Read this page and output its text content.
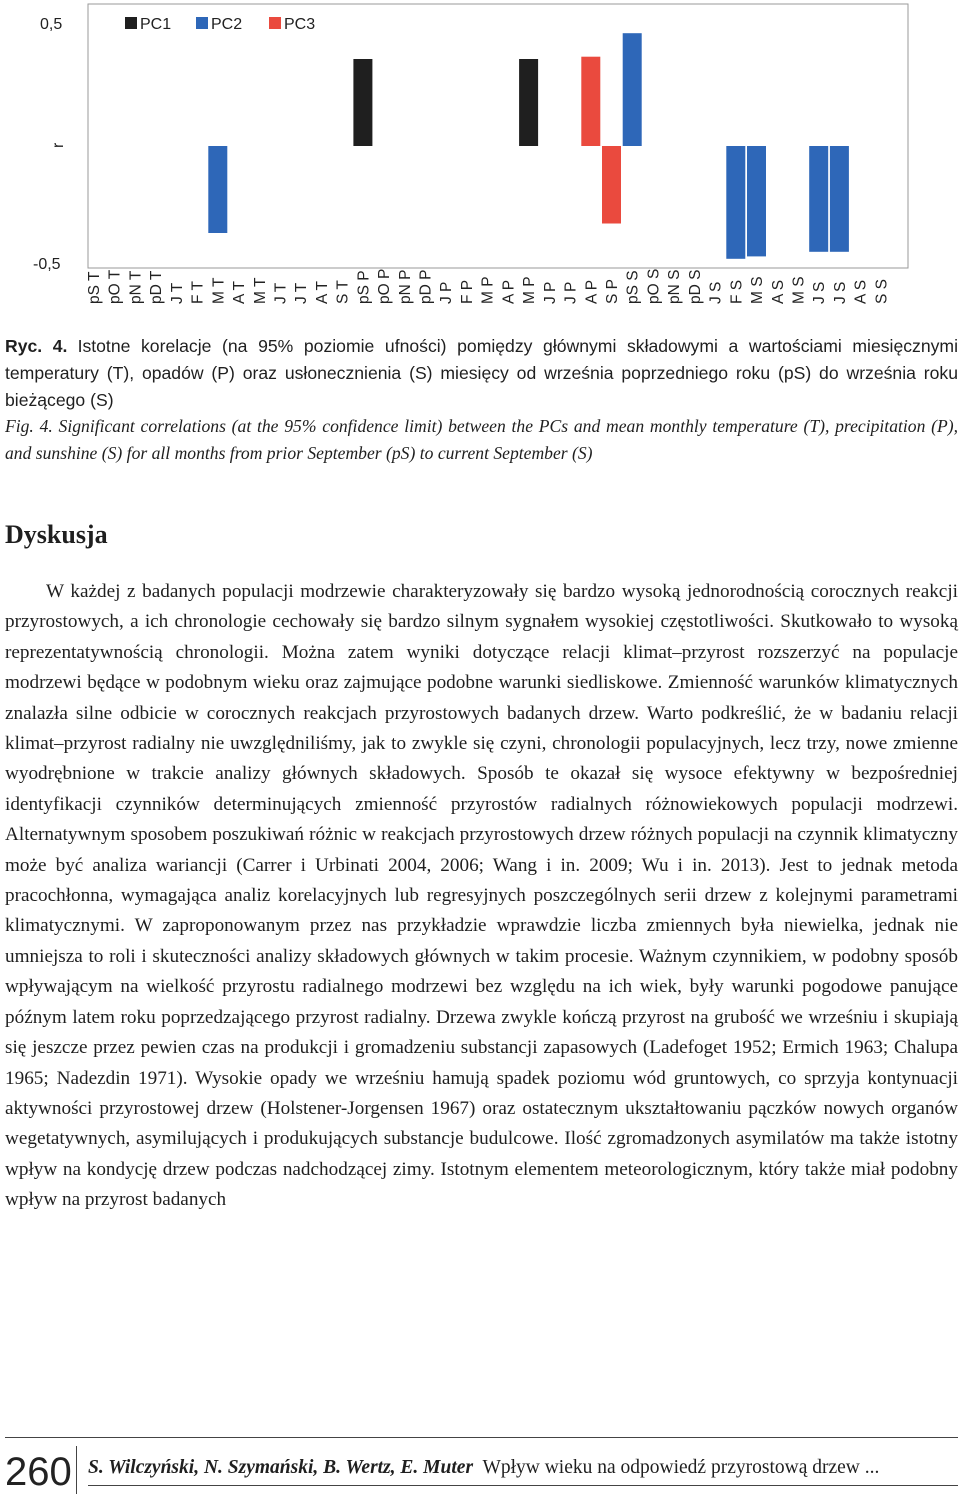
0,5
-0,5
r
PC1 PC2	PC3
pS T pO T pN T pD T J T F T M T A T M T J T J T A T S T pS P pO P pN P pD P J P F P M P A P M P J P J P A P S P pS S pO S pN S pD S J S F S M S A S M S J S J S A S S S

Ryc. 4. Istotne korelacje (na 95% poziomie ufności) pomiędzy głównymi składowymi a wartościami miesięcznymi temperatury (T), opadów (P) oraz usłonecznienia (S) miesięcy od września poprzedniego roku (pS) do września roku bieżącego (S)

Fig. 4. Significant correlations (at the 95% confidence limit) between the PCs and mean monthly temperature (T), precipitation (P), and sunshine (S) for all months from prior September (pS) to current September (S)

Dyskusja

W każdej z badanych populacji modrzewie charakteryzowały się bardzo wysoką jednorodnością corocznych reakcji przyrostowych, a ich chronologie cechowały się bardzo silnym sygnałem wysokiej częstotliwości. Skutkowało to wysoką reprezentatywnością chronologii. Można zatem wyniki dotyczące relacji klimat–przyrost rozszerzyć na populacje modrzewi będące w podobnym wieku oraz zajmujące podobne warunki siedliskowe. Zmienność warunków klimatycznych znalazła silne odbicie w corocznych reakcjach przyrostowych badanych drzew. Warto podkreślić, że w badaniu relacji klimat–przyrost radialny nie uwzględniliśmy, jak to zwykle się czyni, chronologii populacyjnych, lecz trzy, nowe zmienne wyodrębnione w trakcie analizy głównych składowych. Sposób te okazał się wysoce efektywny w bezpośredniej identyfikacji czynników determinujących zmienność przyrostów radialnych różnowiekowych populacji modrzewi. Alternatywnym sposobem poszukiwań różnic w reakcjach przyrostowych drzew różnych populacji na czynnik klimatyczny może być analiza wariancji (Carrer i Urbinati 2004, 2006; Wang i in. 2009; Wu i in. 2013). Jest to jednak metoda pracochłonna, wymagająca analiz korelacyjnych lub regresyjnych poszczególnych serii drzew z kolejnymi parametrami klimatycznymi. W zaproponowanym przez nas przykładzie wprawdzie liczba zmiennych była niewielka, jednak nie umniejsza to roli i skuteczności analizy składowych głównych w takim procesie. Ważnym czynnikiem, w podobny sposób wpływającym na wielkość przyrostu radialnego modrzewi bez względu na ich wiek, były warunki pogodowe panujące późnym latem roku poprzedzającego przyrost radialny. Drzewa zwykle kończą przyrost na grubość we wrześniu i skupiają się jeszcze przez pewien czas na produkcji i gromadzeniu substancji zapasowych (Ladefoget 1952; Ermich 1963; Chalupa 1965; Nadezdin 1971). Wysokie opady we wrześniu hamują spadek poziomu wód gruntowych, co sprzyja kontynuacji aktywności przyrostowej drzew (Holstener-Jorgensen 1967) oraz ostatecznym ukształtowaniu pączków nowych organów wegetatywnych, asymilujących i produkujących substancje budulcowe. Ilość zgromadzonych asymilatów ma także istotny wpływ na kondycję drzew podczas nadchodzącej zimy. Istotnym elementem meteorologicznym, który także miał podobny wpływ na przyrost badanych

260 S. Wilczyński, N. Szymański, B. Wertz, E. Muter Wpływ wieku na odpowiedź przyrostową drzew ...
